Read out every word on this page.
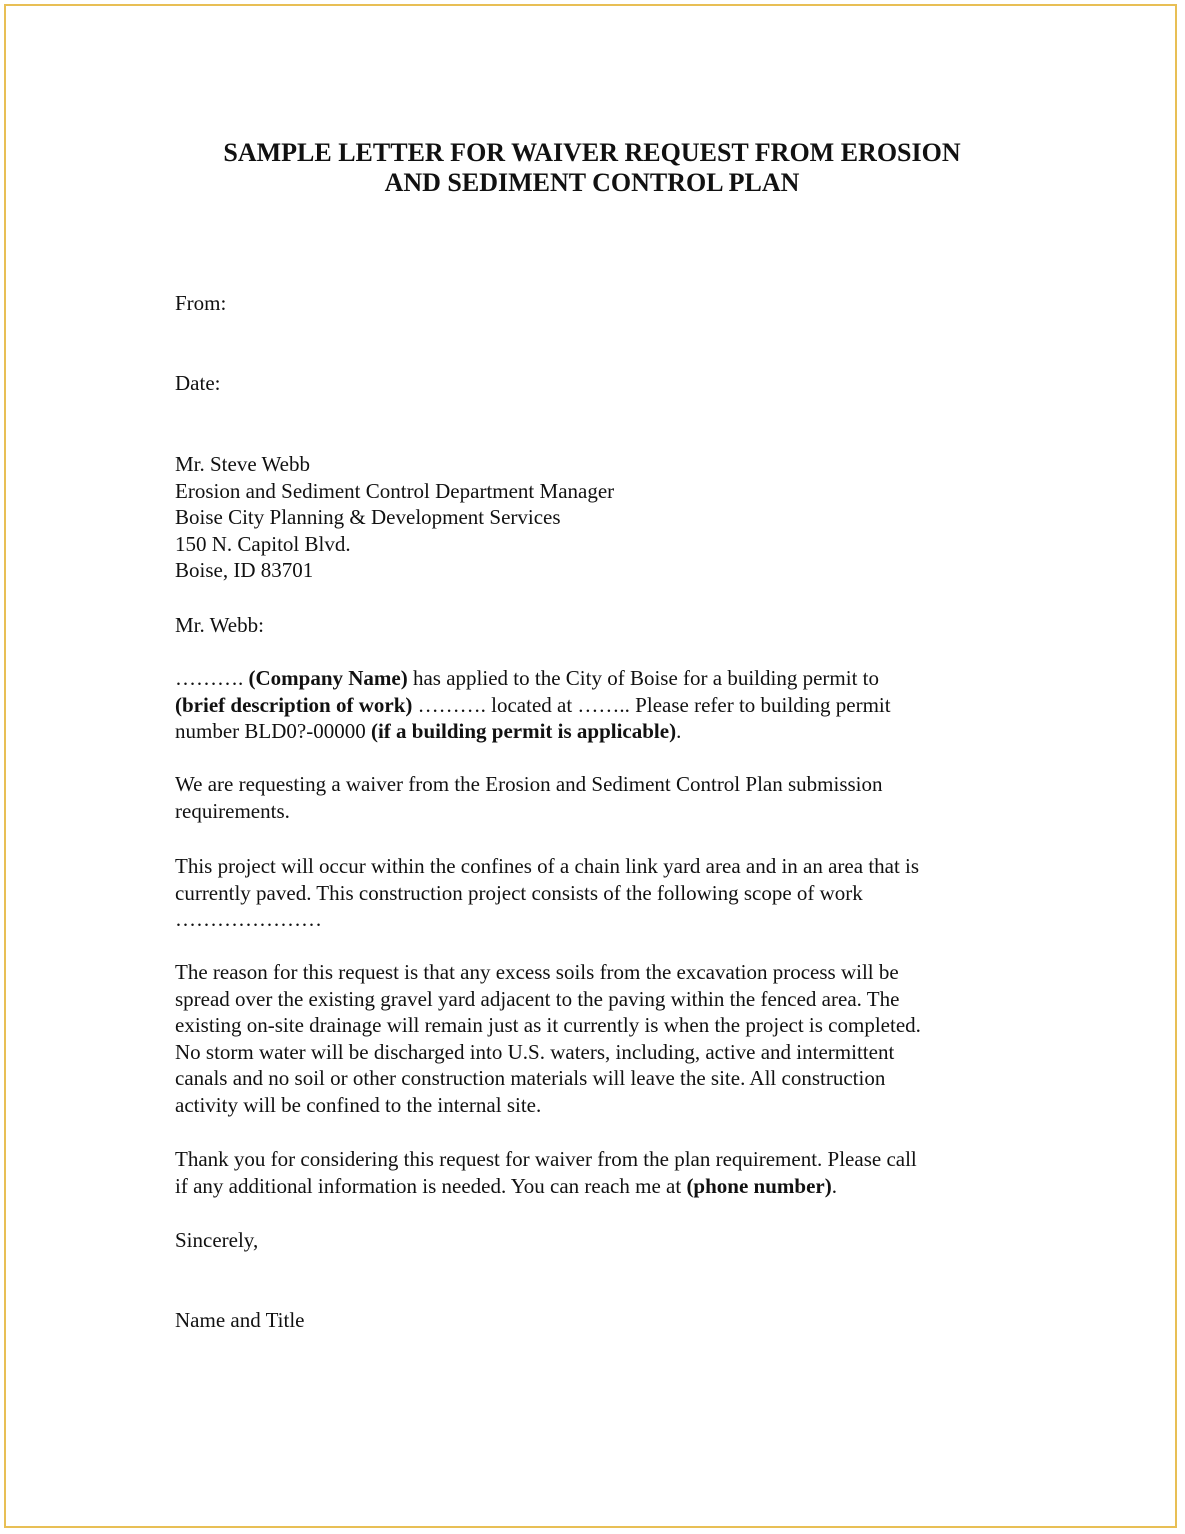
SAMPLE LETTER FOR WAIVER REQUEST FROM EROSION
AND SEDIMENT CONTROL PLAN

From:

Date:

Mr. Steve Webb
Erosion and Sediment Control Department Manager
Boise City Planning & Development Services
150 N. Capitol Blvd.
Boise, ID 83701

Mr. Webb:

………. (Company Name) has applied to the City of Boise for a building permit to
(brief description of work) ………. located at …….. Please refer to building permit
number BLD0?-00000 (if a building permit is applicable).

We are requesting a waiver from the Erosion and Sediment Control Plan submission
requirements.

This project will occur within the confines of a chain link yard area and in an area that is
currently paved. This construction project consists of the following scope of work
…………………

The reason for this request is that any excess soils from the excavation process will be
spread over the existing gravel yard adjacent to the paving within the fenced area. The
existing on-site drainage will remain just as it currently is when the project is completed.
No storm water will be discharged into U.S. waters, including, active and intermittent
canals and no soil or other construction materials will leave the site. All construction
activity will be confined to the internal site.

Thank you for considering this request for waiver from the plan requirement. Please call
if any additional information is needed. You can reach me at (phone number).

Sincerely,

Name and Title
